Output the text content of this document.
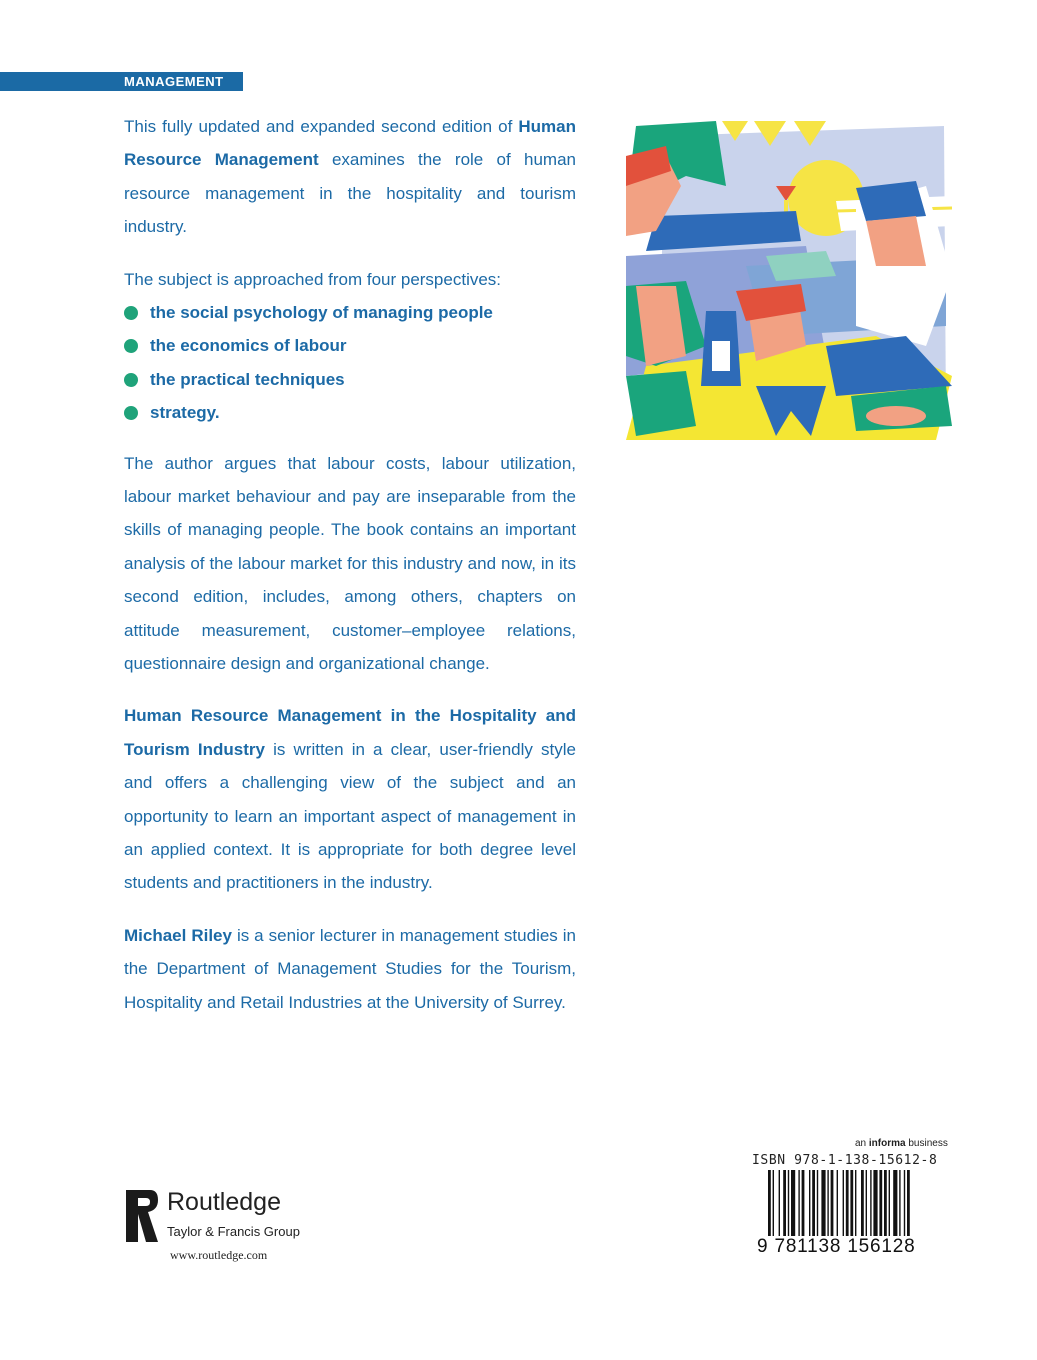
MANAGEMENT

This fully updated and expanded second edition of Human Resource Management examines the role of human resource management in the hospitality and tourism industry.

The subject is approached from four perspectives:

the social psychology of managing people
the economics of labour
the practical techniques
strategy.

The author argues that labour costs, labour utilization, labour market behaviour and pay are inseparable from the skills of managing people. The book contains an important analysis of the labour market for this industry and now, in its second edition, includes, among others, chapters on attitude measurement, customer–employee relations, questionnaire design and organizational change.

Human Resource Management in the Hospitality and Tourism Industry is written in a clear, user-friendly style and offers a challenging view of the subject and an opportunity to learn an important aspect of management in an applied context. It is appropriate for both degree level students and practitioners in the industry.

Michael Riley is a senior lecturer in management studies in the Department of Management Studies for the Tourism, Hospitality and Retail Industries at the University of Surrey.

an informa business
ISBN 978-1-138-15612-8
9 781138 156128
Routledge
Taylor & Francis Group
www.routledge.com
